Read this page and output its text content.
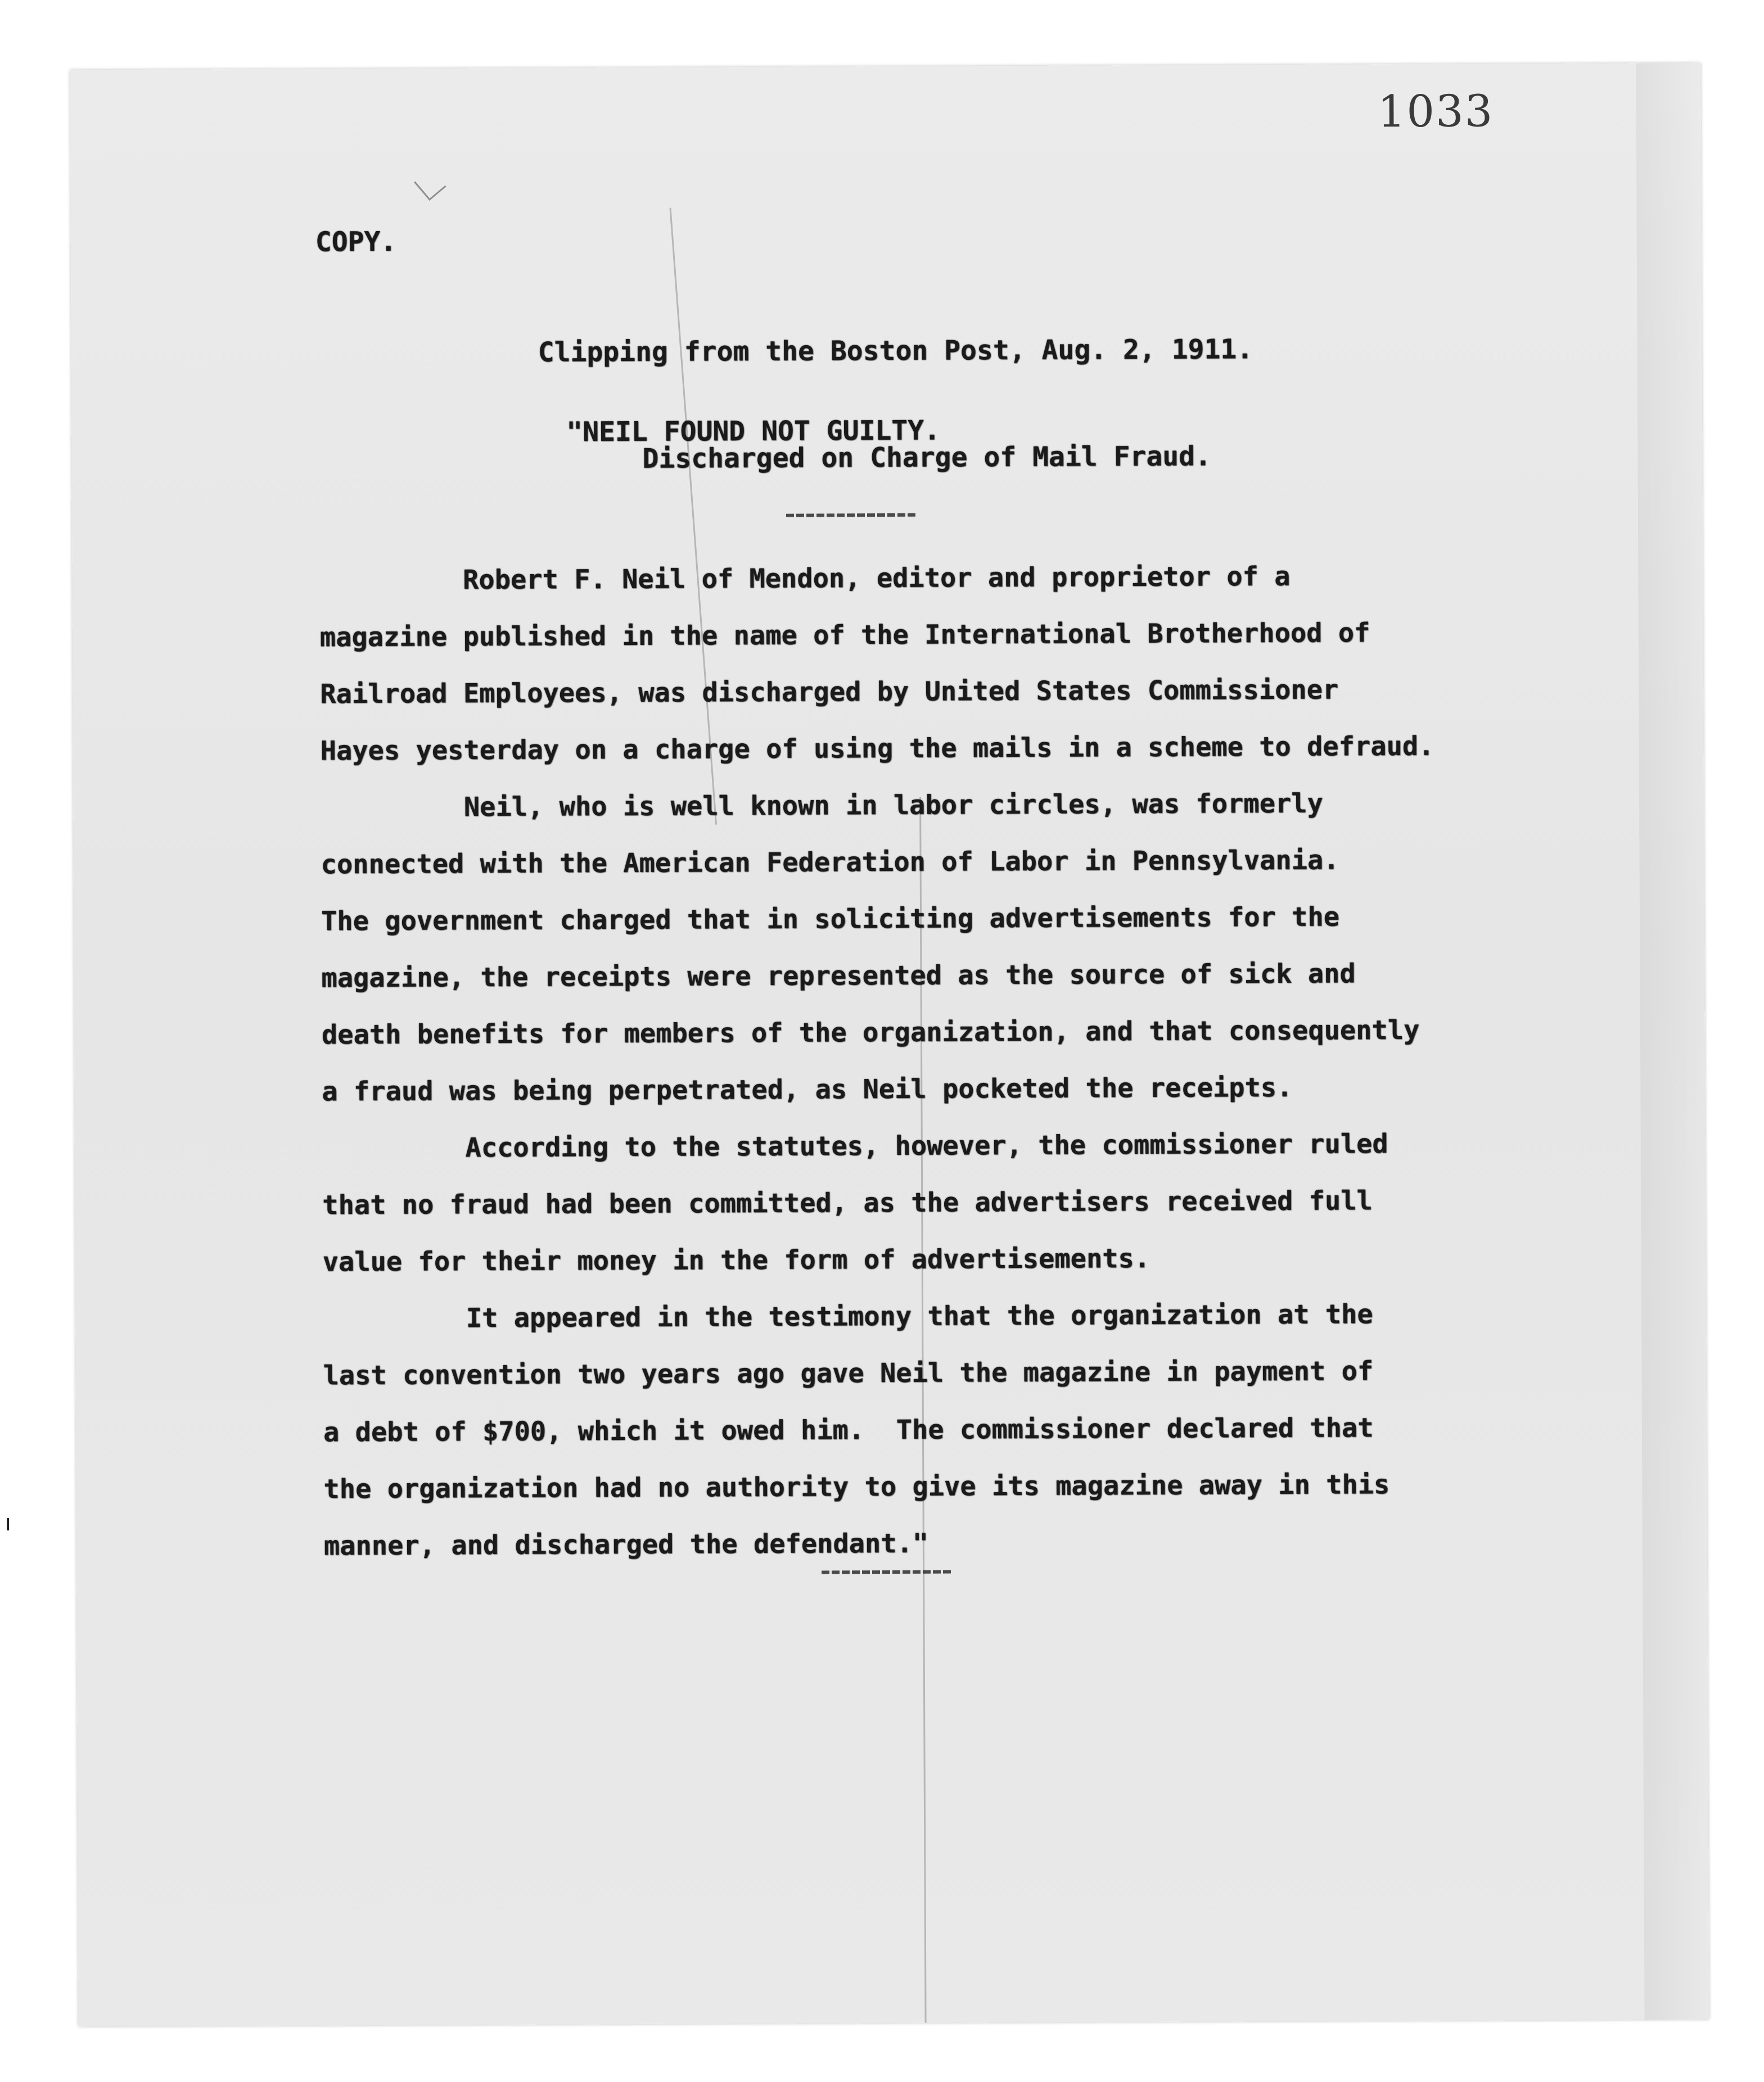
1033
COPY.
Clipping from the Boston Post, Aug. 2, 1911.
"NEIL FOUND NOT GUILTY.
Discharged on Charge of Mail Fraud.

Robert F. Neil of Mendon, editor and proprietor of a

magazine published in the name of the International Brotherhood of

Railroad Employees, was discharged by United States Commissioner

Hayes yesterday on a charge of using the mails in a scheme to defraud.

Neil, who is well known in labor circles, was formerly

connected with the American Federation of Labor in Pennsylvania.

The government charged that in soliciting advertisements for the

magazine, the receipts were represented as the source of sick and

death benefits for members of the organization, and that consequently

a fraud was being perpetrated, as Neil pocketed the receipts.

According to the statutes, however, the commissioner ruled

that no fraud had been committed, as the advertisers received full

value for their money in the form of advertisements.

It appeared in the testimony that the organization at the

last convention two years ago gave Neil the magazine in payment of

a debt of $700, which it owed him.  The commissioner declared that

the organization had no authority to give its magazine away in this

manner, and discharged the defendant."
